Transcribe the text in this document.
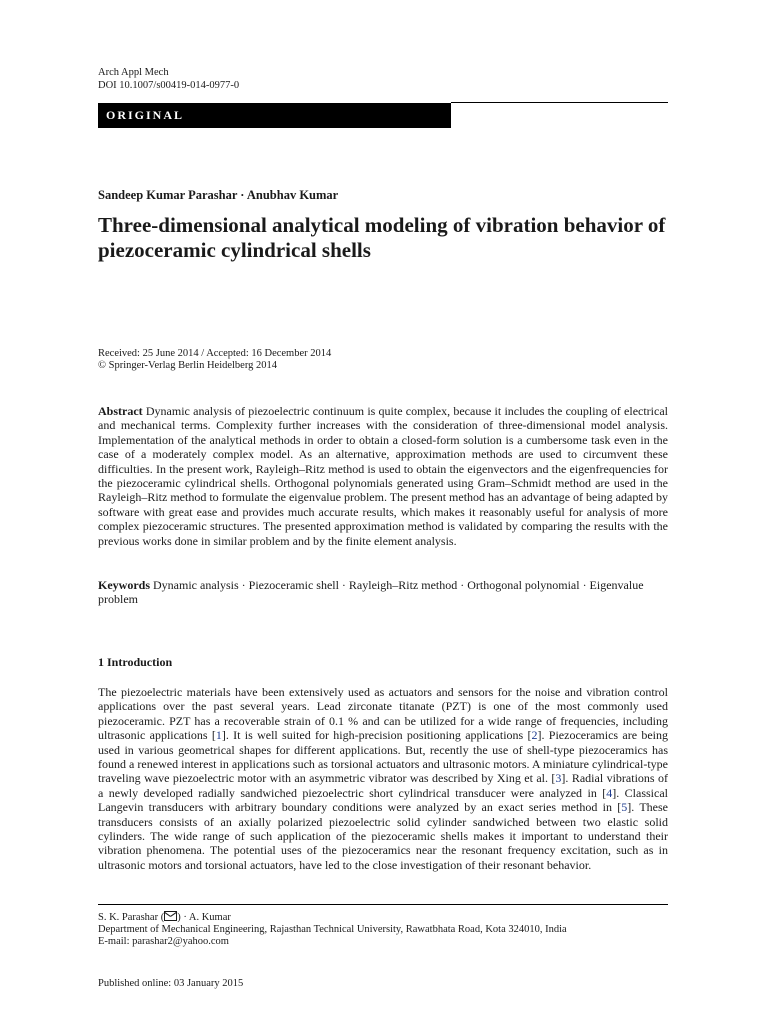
Arch Appl Mech
DOI 10.1007/s00419-014-0977-0
ORIGINAL
Sandeep Kumar Parashar · Anubhav Kumar
Three-dimensional analytical modeling of vibration behavior of piezoceramic cylindrical shells
Received: 25 June 2014 / Accepted: 16 December 2014
© Springer-Verlag Berlin Heidelberg 2014
Abstract Dynamic analysis of piezoelectric continuum is quite complex, because it includes the coupling of electrical and mechanical terms. Complexity further increases with the consideration of three-dimensional model analysis. Implementation of the analytical methods in order to obtain a closed-form solution is a cumbersome task even in the case of a moderately complex model. As an alternative, approximation methods are used to circumvent these difficulties. In the present work, Rayleigh–Ritz method is used to obtain the eigenvectors and the eigenfrequencies for the piezoceramic cylindrical shells. Orthogonal polynomials generated using Gram–Schmidt method are used in the Rayleigh–Ritz method to formulate the eigenvalue problem. The present method has an advantage of being adapted by software with great ease and provides much accurate results, which makes it reasonably useful for analysis of more complex piezoceramic structures. The presented approximation method is validated by comparing the results with the previous works done in similar problem and by the finite element analysis.
Keywords Dynamic analysis · Piezoceramic shell · Rayleigh–Ritz method · Orthogonal polynomial · Eigenvalue problem
1 Introduction
The piezoelectric materials have been extensively used as actuators and sensors for the noise and vibration control applications over the past several years. Lead zirconate titanate (PZT) is one of the most commonly used piezoceramic. PZT has a recoverable strain of 0.1 % and can be utilized for a wide range of frequencies, including ultrasonic applications [1]. It is well suited for high-precision positioning applications [2]. Piezoceramics are being used in various geometrical shapes for different applications. But, recently the use of shell-type piezoceramics has found a renewed interest in applications such as torsional actuators and ultrasonic motors. A miniature cylindrical-type traveling wave piezoelectric motor with an asymmetric vibrator was described by Xing et al. [3]. Radial vibrations of a newly developed radially sandwiched piezoelectric short cylindrical transducer were analyzed in [4]. Classical Langevin transducers with arbitrary boundary conditions were analyzed by an exact series method in [5]. These transducers consists of an axially polarized piezoelectric solid cylinder sandwiched between two elastic solid cylinders. The wide range of such application of the piezoceramic shells makes it important to understand their vibration phenomena. The potential uses of the piezoceramics near the resonant frequency excitation, such as in ultrasonic motors and torsional actuators, have led to the close investigation of their resonant behavior.
S. K. Parashar ( ) · A. Kumar
Department of Mechanical Engineering, Rajasthan Technical University, Rawatbhata Road, Kota 324010, India
E-mail: parashar2@yahoo.com
Published online: 03 January 2015
